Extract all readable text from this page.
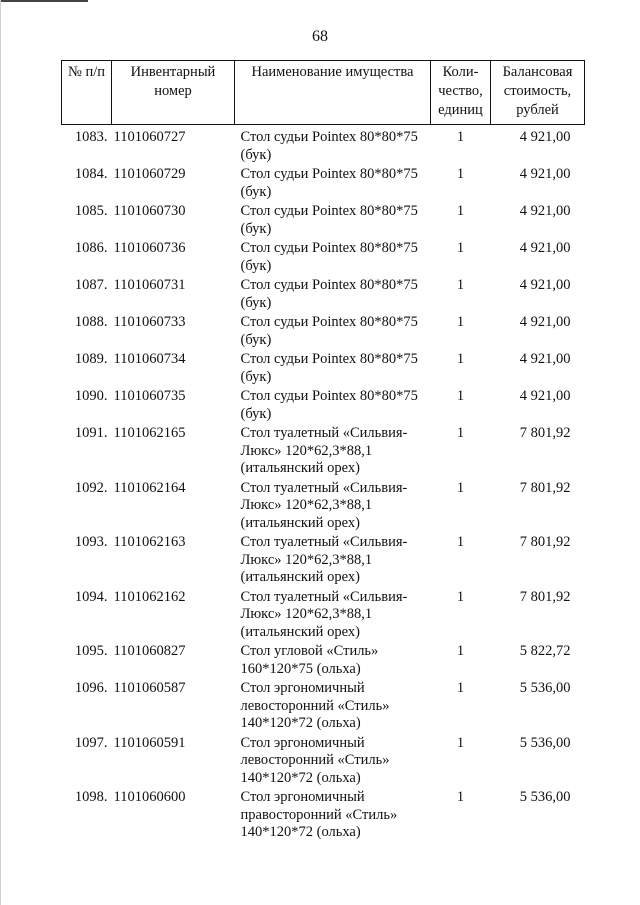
68
№ п/п	Инвентарный номер	Наименование имущества	Коли-чество, единиц	Балансовая стоимость, рублей
1083.	1101060727	Стол судьи Pointex 80*80*75 (бук)	1	4 921,00
1084.	1101060729	Стол судьи Pointex 80*80*75 (бук)	1	4 921,00
1085.	1101060730	Стол судьи Pointex 80*80*75 (бук)	1	4 921,00
1086.	1101060736	Стол судьи Pointex 80*80*75 (бук)	1	4 921,00
1087.	1101060731	Стол судьи Pointex 80*80*75 (бук)	1	4 921,00
1088.	1101060733	Стол судьи Pointex 80*80*75 (бук)	1	4 921,00
1089.	1101060734	Стол судьи Pointex 80*80*75 (бук)	1	4 921,00
1090.	1101060735	Стол судьи Pointex 80*80*75 (бук)	1	4 921,00
1091.	1101062165	Стол туалетный «Сильвия-Люкс» 120*62,3*88,1 (итальянский орех)	1	7 801,92
1092.	1101062164	Стол туалетный «Сильвия-Люкс» 120*62,3*88,1 (итальянский орех)	1	7 801,92
1093.	1101062163	Стол туалетный «Сильвия-Люкс» 120*62,3*88,1 (итальянский орех)	1	7 801,92
1094.	1101062162	Стол туалетный «Сильвия-Люкс» 120*62,3*88,1 (итальянский орех)	1	7 801,92
1095.	1101060827	Стол угловой «Стиль» 160*120*75 (ольха)	1	5 822,72
1096.	1101060587	Стол эргономичный левосторонний «Стиль» 140*120*72 (ольха)	1	5 536,00
1097.	1101060591	Стол эргономичный левосторонний «Стиль» 140*120*72 (ольха)	1	5 536,00
1098.	1101060600	Стол эргономичный правосторонний «Стиль» 140*120*72 (ольха)	1	5 536,00
